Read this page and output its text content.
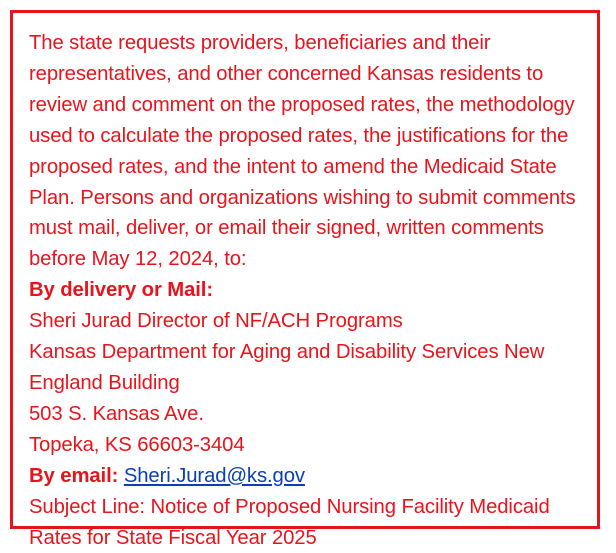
The state requests providers, beneficiaries and their representatives, and other concerned Kansas residents to review and comment on the proposed rates, the methodology used to calculate the proposed rates, the justifications for the proposed rates, and the intent to amend the Medicaid State Plan. Persons and organizations wishing to submit comments must mail, deliver, or email their signed, written comments before May 12, 2024, to:

By delivery or Mail:

Sheri Jurad Director of NF/ACH Programs

Kansas Department for Aging and Disability Services New England Building

503 S. Kansas Ave.

Topeka, KS 66603-3404

By email: Sheri.Jurad@ks.gov

Subject Line: Notice of Proposed Nursing Facility Medicaid Rates for State Fiscal Year 2025
